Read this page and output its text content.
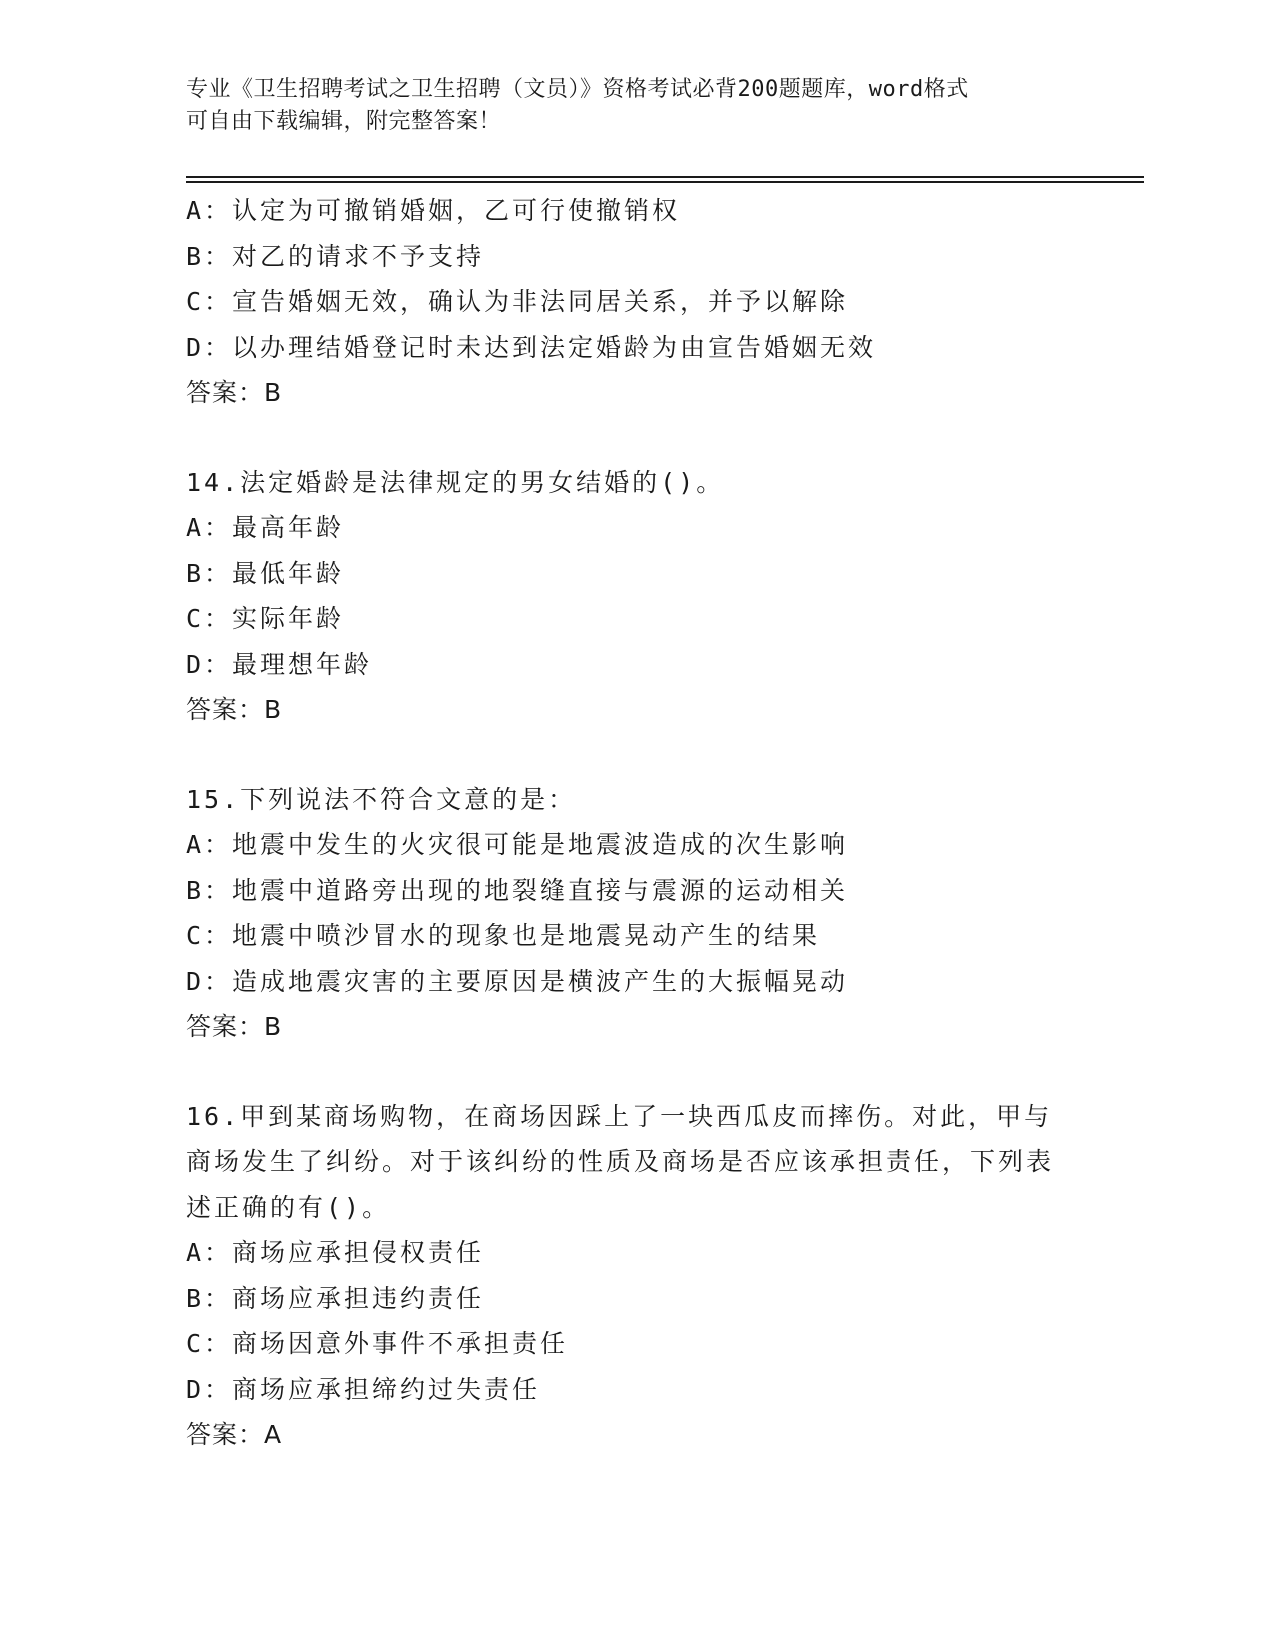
专业《卫生招聘考试之卫生招聘（文员）》资格考试必背200题题库，word格式
可自由下载编辑，附完整答案！
A：认定为可撤销婚姻，乙可行使撤销权
B：对乙的请求不予支持
C：宣告婚姻无效，确认为非法同居关系，并予以解除
D：以办理结婚登记时未达到法定婚龄为由宣告婚姻无效
答案：B
14.法定婚龄是法律规定的男女结婚的()。
A：最高年龄
B：最低年龄
C：实际年龄
D：最理想年龄
答案：B
15.下列说法不符合文意的是：
A：地震中发生的火灾很可能是地震波造成的次生影响
B：地震中道路旁出现的地裂缝直接与震源的运动相关
C：地震中喷沙冒水的现象也是地震晃动产生的结果
D：造成地震灾害的主要原因是横波产生的大振幅晃动
答案：B
16.甲到某商场购物，在商场因踩上了一块西瓜皮而摔伤。对此，甲与商场发生了纠纷。对于该纠纷的性质及商场是否应该承担责任，下列表述正确的有()。
A：商场应承担侵权责任
B：商场应承担违约责任
C：商场因意外事件不承担责任
D：商场应承担缔约过失责任
答案：A
